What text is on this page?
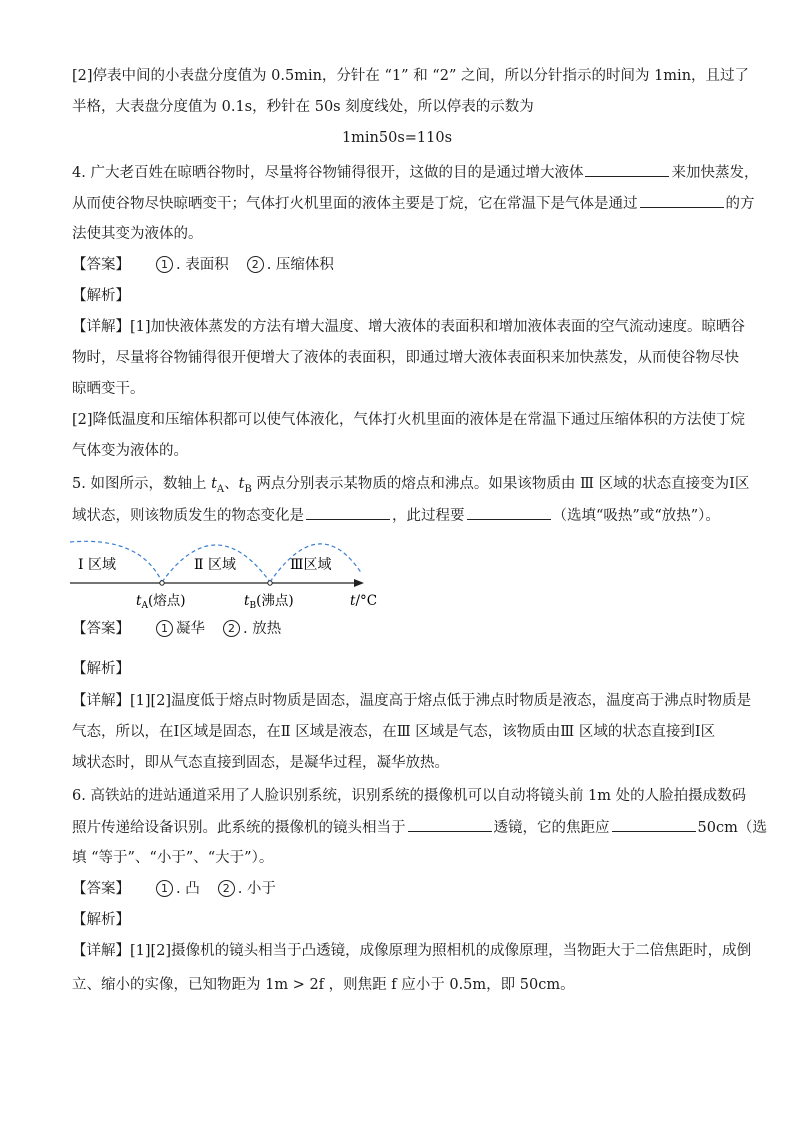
[2]停表中间的小表盘分度值为 0.5min，分针在 “1” 和 “2” 之间，所以分针指示的时间为 1min，且过了
半格，大表盘分度值为 0.1s，秒针在 50s 刻度线处，所以停表的示数为
1min50s=110s
4. 广大老百姓在晾晒谷物时，尽量将谷物铺得很开，这做的目的是通过增大液体	来加快蒸发，
从而使谷物尽快晾晒变干；气体打火机里面的液体主要是丁烷，它在常温下是气体是通过	的方
法使其变为液体的。
【答案】	1 . 表面积 2 . 压缩体积
【解析】
【详解】[1]加快液体蒸发的方法有增大温度、增大液体的表面积和增加液体表面的空气流动速度。晾晒谷
物时，尽量将谷物铺得很开便增大了液体的表面积，即通过增大液体表面积来加快蒸发，从而使谷物尽快
晾晒变干。
[2]降低温度和压缩体积都可以使气体液化，气体打火机里面的液体是在常温下通过压缩体积的方法使丁烷
气体变为液体的。
5. 如图所示，数轴上 $t_A$、$t_B$ 两点分别表示某物质的熔点和沸点。如果该物质由 Ⅲ 区域的状态直接变为Ⅰ区
域状态，则该物质发生的物态变化是	，此过程要	（选填“吸热”或“放热”）。
Ⅰ 区域	Ⅱ 区域	Ⅲ区域
$t_A$(熔点)	$t_B$(沸点)	t/°C
【答案】	1 凝华 2 . 放热
【解析】
【详解】[1][2]温度低于熔点时物质是固态，温度高于熔点低于沸点时物质是液态，温度高于沸点时物质是
气态，所以，在Ⅰ区域是固态，在Ⅱ 区域是液态，在Ⅲ 区域是气态，该物质由Ⅲ 区域的状态直接到Ⅰ区
域状态时，即从气态直接到固态，是凝华过程，凝华放热。
6. 高铁站的进站通道采用了人脸识别系统，识别系统的摄像机可以自动将镜头前 1m 处的人脸拍摄成数码
照片传递给设备识别。此系统的摄像机的镜头相当于	透镜，它的焦距应	50cm（选
填 “等于”、“小于”、“大于”）。
【答案】	1 . 凸 2 . 小于
【解析】
【详解】[1][2]摄像机的镜头相当于凸透镜，成像原理为照相机的成像原理，当物距大于二倍焦距时，成倒
立、缩小的实像，已知物距为 1m > 2f ，则焦距 f 应小于 0.5m，即 50cm。
